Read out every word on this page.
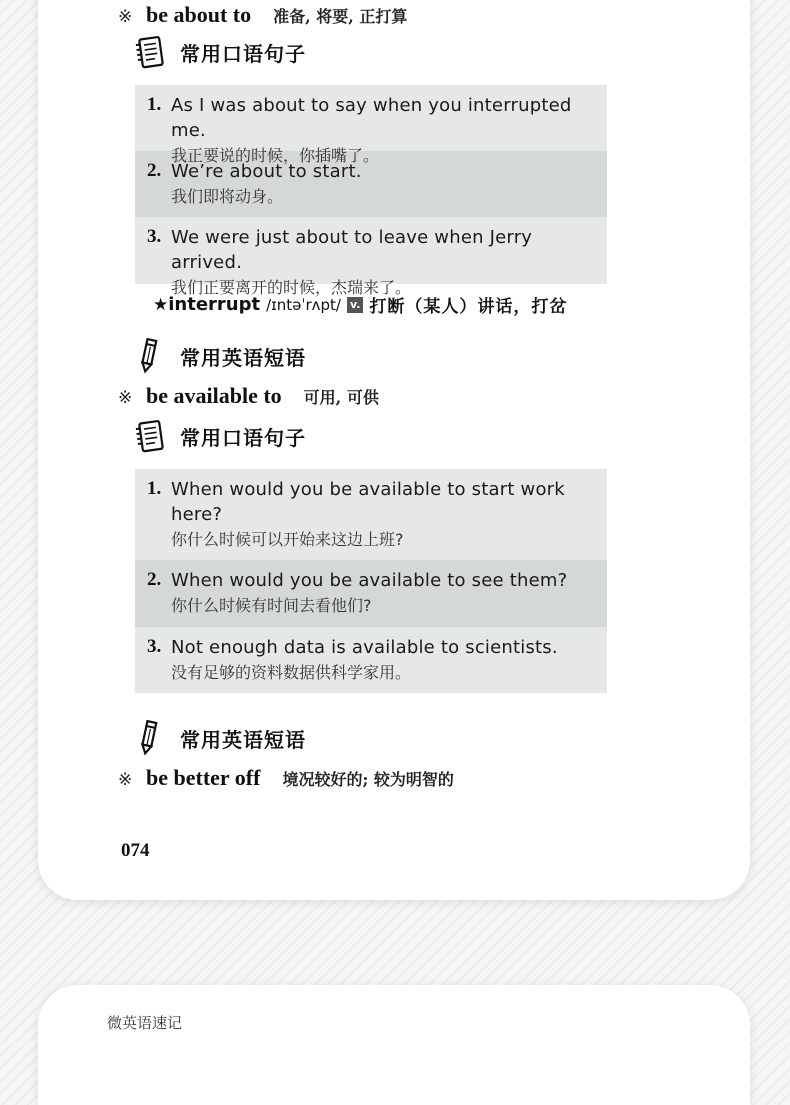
※ be about to 准备, 将要, 正打算
常用口语句子
1. As I was about to say when you interrupted me.
我正要说的时候，你插嘴了。
2. We’re about to start.
我们即将动身。
3. We were just about to leave when Jerry arrived.
我们正要离开的时候，杰瑞来了。
★ interrupt /ɪntəˈrʌpt/ v. 打断（某人）讲话，打岔
常用英语短语
※ be available to 可用, 可供
常用口语句子
1. When would you be available to start work here?
你什么时候可以开始来这边上班?
2. When would you be available to see them?
你什么时候有时间去看他们?
3. Not enough data is available to scientists.
没有足够的资料数据供科学家用。
常用英语短语
※ be better off 境况较好的; 较为明智的
074
微英语速记
